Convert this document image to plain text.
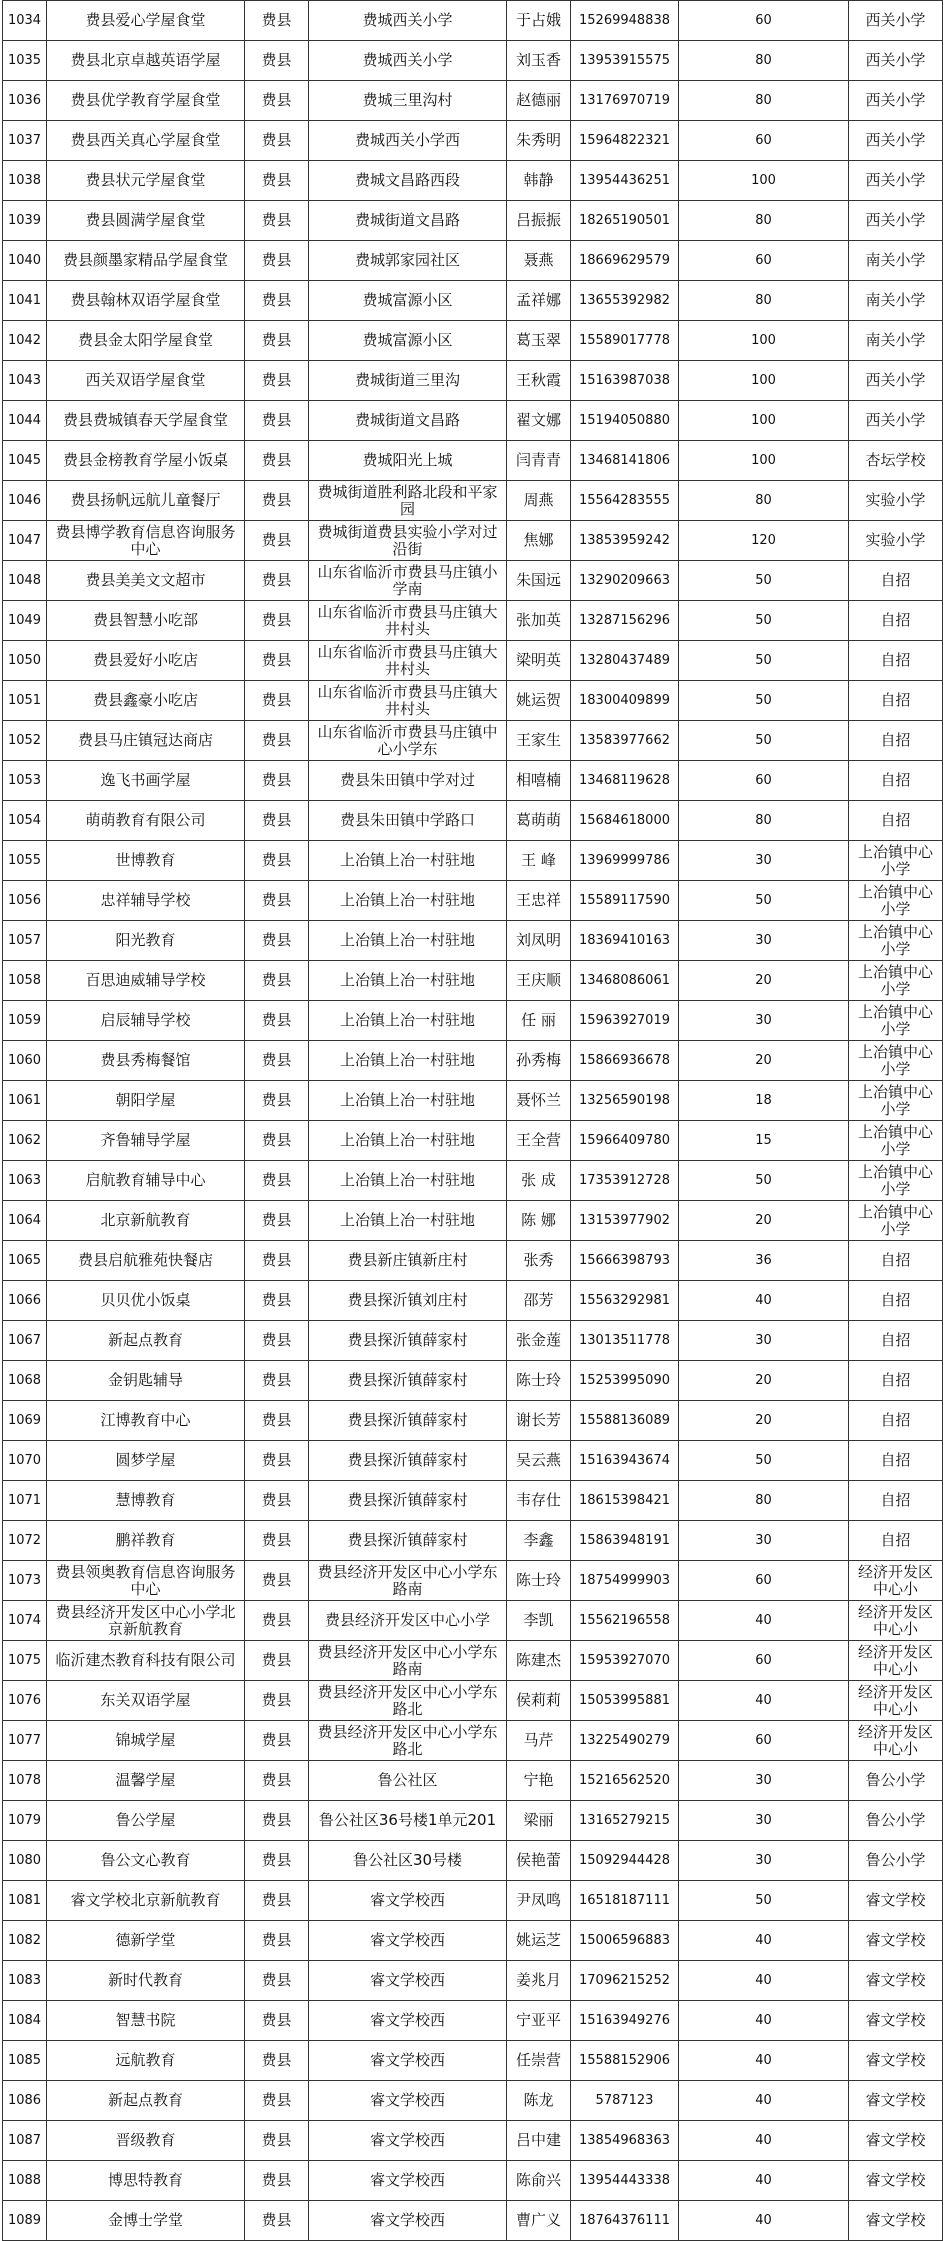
1034	费县爱心学屋食堂	费县	费城西关小学	于占娥	15269948838	60	西关小学
1035	费县北京卓越英语学屋	费县	费城西关小学	刘玉香	13953915575	80	西关小学
1036	费县优学教育学屋食堂	费县	费城三里沟村	赵德丽	13176970719	80	西关小学
1037	费县西关真心学屋食堂	费县	费城西关小学西	朱秀明	15964822321	60	西关小学
1038	费县状元学屋食堂	费县	费城文昌路西段	韩静	13954436251	100	西关小学
1039	费县圆满学屋食堂	费县	费城街道文昌路	吕振振	18265190501	80	西关小学
1040	费县颜墨家精品学屋食堂	费县	费城郭家园社区	聂燕	18669629579	60	南关小学
1041	费县翰林双语学屋食堂	费县	费城富源小区	孟祥娜	13655392982	80	南关小学
1042	费县金太阳学屋食堂	费县	费城富源小区	葛玉翠	15589017778	100	南关小学
1043	西关双语学屋食堂	费县	费城街道三里沟	王秋霞	15163987038	100	西关小学
1044	费县费城镇春天学屋食堂	费县	费城街道文昌路	翟文娜	15194050880	100	西关小学
1045	费县金榜教育学屋小饭桌	费县	费城阳光上城	闫青青	13468141806	100	杏坛学校
1046	费县扬帆远航儿童餐厅	费县	费城街道胜利路北段和平家园	周燕	15564283555	80	实验小学
1047	费县博学教育信息咨询服务中心	费县	费城街道费县实验小学对过沿街	焦娜	13853959242	120	实验小学
1048	费县美美文文超市	费县	山东省临沂市费县马庄镇小学南	朱国远	13290209663	50	自招
1049	费县智慧小吃部	费县	山东省临沂市费县马庄镇大井村头	张加英	13287156296	50	自招
1050	费县爱好小吃店	费县	山东省临沂市费县马庄镇大井村头	梁明英	13280437489	50	自招
1051	费县鑫豪小吃店	费县	山东省临沂市费县马庄镇大井村头	姚运贺	18300409899	50	自招
1052	费县马庄镇冠达商店	费县	山东省临沂市费县马庄镇中心小学东	王家生	13583977662	50	自招
1053	逸飞书画学屋	费县	费县朱田镇中学对过	相嘻楠	13468119628	60	自招
1054	萌萌教育有限公司	费县	费县朱田镇中学路口	葛萌萌	15684618000	80	自招
1055	世博教育	费县	上冶镇上冶一村驻地	王 峰	13969999786	30	上冶镇中心小学
1056	忠祥辅导学校	费县	上冶镇上冶一村驻地	王忠祥	15589117590	50	上冶镇中心小学
1057	阳光教育	费县	上冶镇上冶一村驻地	刘凤明	18369410163	30	上冶镇中心小学
1058	百思迪威辅导学校	费县	上冶镇上冶一村驻地	王庆顺	13468086061	20	上冶镇中心小学
1059	启辰辅导学校	费县	上冶镇上冶一村驻地	任 丽	15963927019	30	上冶镇中心小学
1060	费县秀梅餐馆	费县	上冶镇上冶一村驻地	孙秀梅	15866936678	20	上冶镇中心小学
1061	朝阳学屋	费县	上冶镇上冶一村驻地	聂怀兰	13256590198	18	上冶镇中心小学
1062	齐鲁辅导学屋	费县	上冶镇上冶一村驻地	王全营	15966409780	15	上冶镇中心小学
1063	启航教育辅导中心	费县	上冶镇上冶一村驻地	张 成	17353912728	50	上冶镇中心小学
1064	北京新航教育	费县	上冶镇上冶一村驻地	陈 娜	13153977902	20	上冶镇中心小学
1065	费县启航雅苑快餐店	费县	费县新庄镇新庄村	张秀	15666398793	36	自招
1066	贝贝优小饭桌	费县	费县探沂镇刘庄村	邵芳	15563292981	40	自招
1067	新起点教育	费县	费县探沂镇薛家村	张金莲	13013511778	30	自招
1068	金钥匙辅导	费县	费县探沂镇薛家村	陈士玲	15253995090	20	自招
1069	江博教育中心	费县	费县探沂镇薛家村	谢长芳	15588136089	20	自招
1070	圆梦学屋	费县	费县探沂镇薛家村	吴云燕	15163943674	50	自招
1071	慧博教育	费县	费县探沂镇薛家村	韦存仕	18615398421	80	自招
1072	鹏祥教育	费县	费县探沂镇薛家村	李鑫	15863948191	30	自招
1073	费县领奥教育信息咨询服务中心	费县	费县经济开发区中心小学东路南	陈士玲	18754999903	60	经济开发区中心小
1074	费县经济开发区中心小学北京新航教育	费县	费县经济开发区中心小学	李凯	15562196558	40	经济开发区中心小
1075	临沂建杰教育科技有限公司	费县	费县经济开发区中心小学东路南	陈建杰	15953927070	60	经济开发区中心小
1076	东关双语学屋	费县	费县经济开发区中心小学东路北	侯莉莉	15053995881	40	经济开发区中心小
1077	锦城学屋	费县	费县经济开发区中心小学东路北	马芹	13225490279	60	经济开发区中心小
1078	温馨学屋	费县	鲁公社区	宁艳	15216562520	30	鲁公小学
1079	鲁公学屋	费县	鲁公社区36号楼1单元201	梁丽	13165279215	30	鲁公小学
1080	鲁公文心教育	费县	鲁公社区30号楼	侯艳蕾	15092944428	30	鲁公小学
1081	睿文学校北京新航教育	费县	睿文学校西	尹凤鸣	16518187111	50	睿文学校
1082	德新学堂	费县	睿文学校西	姚运芝	15006596883	40	睿文学校
1083	新时代教育	费县	睿文学校西	姜兆月	17096215252	40	睿文学校
1084	智慧书院	费县	睿文学校西	宁亚平	15163949276	40	睿文学校
1085	远航教育	费县	睿文学校西	任崇营	15588152906	40	睿文学校
1086	新起点教育	费县	睿文学校西	陈龙	5787123	40	睿文学校
1087	晋级教育	费县	睿文学校西	吕中建	13854968363	40	睿文学校
1088	博思特教育	费县	睿文学校西	陈俞兴	13954443338	40	睿文学校
1089	金博士学堂	费县	睿文学校西	曹广义	18764376111	40	睿文学校
